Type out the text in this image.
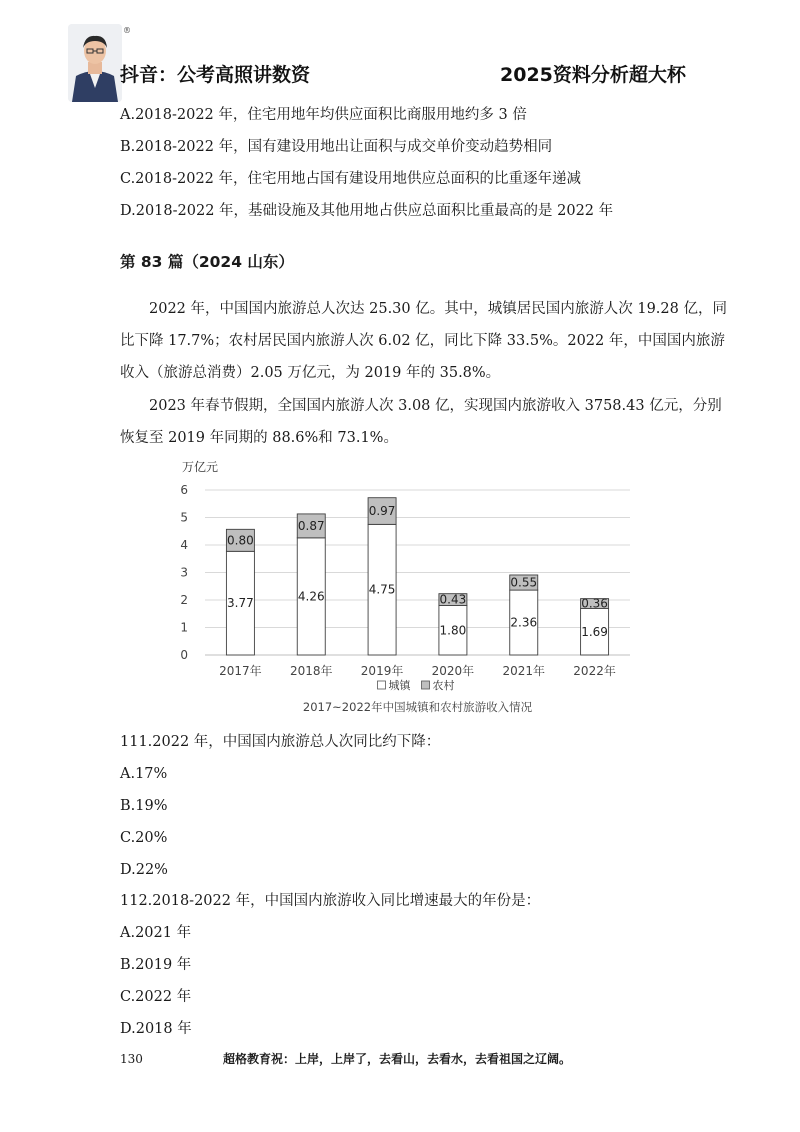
®
抖音：公考高照讲数资	2025资料分析超大杯
A.2018-2022 年，住宅用地年均供应面积比商服用地约多 3 倍
B.2018-2022 年，国有建设用地出让面积与成交单价变动趋势相同
C.2018-2022 年，住宅用地占国有建设用地供应总面积的比重逐年递减
D.2018-2022 年，基础设施及其他用地占供应总面积比重最高的是 2022 年
第 83 篇（2024 山东）
2022 年，中国国内旅游总人次达 25.30 亿。其中，城镇居民国内旅游人次 19.28 亿，同
比下降 17.7%；农村居民国内旅游人次 6.02 亿，同比下降 33.5%。2022 年，中国国内旅游
收入（旅游总消费）2.05 万亿元，为 2019 年的 35.8%。
2023 年春节假期，全国国内旅游人次 3.08 亿，实现国内旅游收入 3758.43 亿元，分别
恢复至 2019 年同期的 88.6%和 73.1%。
万亿元
0
1
2
3
4
5
6
3.77
0.80
4.26
0.87
4.75
0.97
1.80
0.43
2.36
0.55
1.69
0.36
2017年 2018年 2019年 2020年 2021年 2022年
城镇 农村
2017~2022年中国城镇和农村旅游收入情况
111.2022 年，中国国内旅游总人次同比约下降：
A.17%
B.19%
C.20%
D.22%
112.2018-2022 年，中国国内旅游收入同比增速最大的年份是：
A.2021 年
B.2019 年
C.2022 年
D.2018 年
130	超格教育祝：上岸，上岸了，去看山，去看水，去看祖国之辽阔。
